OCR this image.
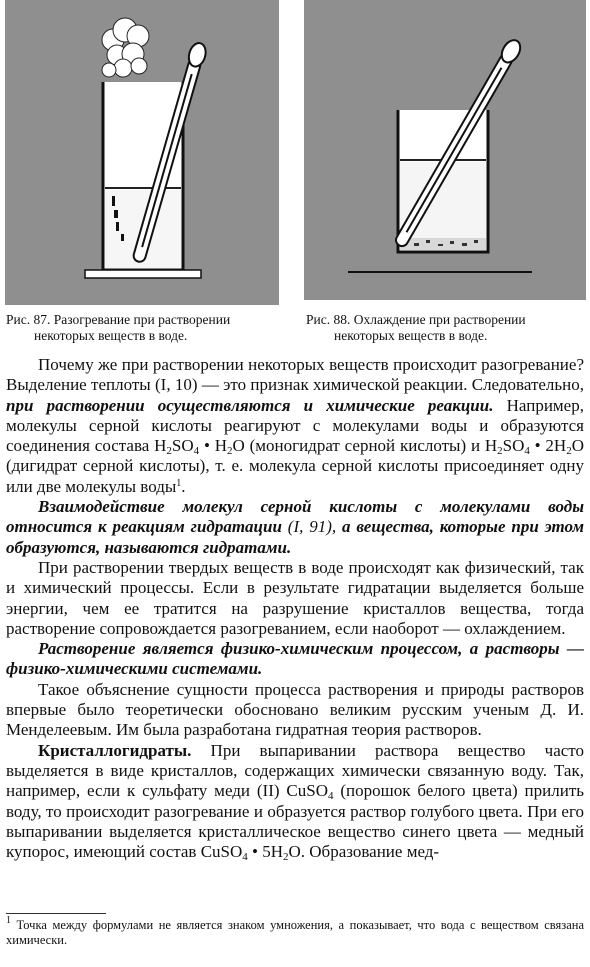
Рис. 87. Разогревание при растворении
некоторых веществ в воде.
Рис. 88. Охлаждение при растворении
некоторых веществ в воде.

Почему же при растворении некоторых веществ происходит разогревание? Выделение теплоты (I, 10) — это признак химической реакции. Следовательно, при растворении осуществляются и химические реакции. Например, молекулы серной кислоты реагируют с молекулами воды и образуются соединения состава $H_2SO_4$ • $H_2O$ (моногидрат серной кислоты) и $H_2SO_4$ • $2H_2O$ (дигидрат серной кислоты), т. е. молекула серной кислоты присоединяет одну или две молекулы воды$^1$.

Взаимодействие молекул серной кислоты с молекулами воды относится к реакциям гидратации (I, 91), а вещества, которые при этом образуются, называются гидратами.

При растворении твердых веществ в воде происходят как физический, так и химический процессы. Если в результате гидратации выделяется больше энергии, чем ее тратится на разрушение кристаллов вещества, тогда растворение сопровождается разогреванием, если наоборот — охлаждением.

Растворение является физико-химическим процессом, а растворы — физико-химическими системами.

Такое объяснение сущности процесса растворения и природы растворов впервые было теоретически обосновано великим русским ученым Д. И. Менделеевым. Им была разработана гидратная теория растворов.

Кристаллогидраты. При выпаривании раствора вещество часто выделяется в виде кристаллов, содержащих химически связанную воду. Так, например, если к сульфату меди (II) CuSO$_4$ (порошок белого цвета) прилить воду, то происходит разогревание и образуется раствор голубого цвета. При его выпаривании выделяется кристаллическое вещество синего цвета — медный купорос, имеющий состав CuSO$_4$ • $5H_2O$. Образование мед-

$^1$ Точка между формулами не является знаком умножения, а показывает, что вода с веществом связана химически.
